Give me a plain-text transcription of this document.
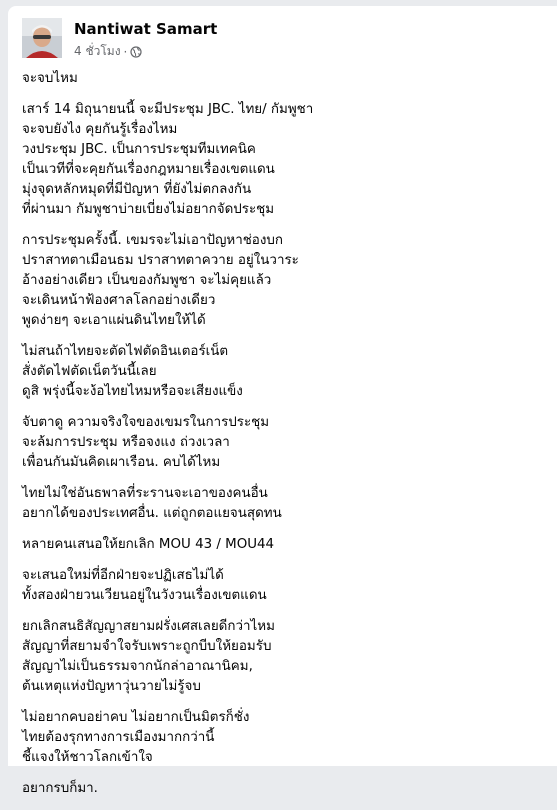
Nantiwat Samart
4 ชั่วโมง ·
จะจบไหม
เสาร์ 14 มิถุนายนนี้ จะมีประชุม JBC. ไทย/ กัมพูชา
จะจบยังไง คุยกันรู้เรื่องไหม
วงประชุม JBC. เป็นการประชุมทีมเทคนิค
เป็นเวทีที่จะคุยกันเรื่องกฎหมายเรื่องเขตแดน
มุ่งจุดหลักหมุดที่มีปัญหา ที่ยังไม่ตกลงกัน
ที่ผ่านมา กัมพูชาบ่ายเบี่ยงไม่อยากจัดประชุม
การประชุมครั้งนี้. เขมรจะไม่เอาปัญหาช่องบก
ปราสาทตาเมือนธม ปราสาทตาควาย อยู่ในวาระ
อ้างอย่างเดียว เป็นของกัมพูชา จะไม่คุยแล้ว
จะเดินหน้าฟ้องศาลโลกอย่างเดียว
พูดง่ายๆ จะเอาแผ่นดินไทยให้ได้
ไม่สนถ้าไทยจะตัดไฟตัดอินเตอร์เน็ต
สั่งตัดไฟตัดเน็ตวันนี้เลย
ดูสิ พรุ่งนี้จะง้อไทยไหมหรือจะเสียงแข็ง
จับตาดู ความจริงใจของเขมรในการประชุม
จะล้มการประชุม หรือจงแง ถ่วงเวลา
เพื่อนกันมันคิดเผาเรือน. คบได้ไหม
ไทยไม่ใช่อันธพาลที่ระรานจะเอาของคนอื่น
อยากได้ของประเทศอื่น. แต่ถูกตอแยจนสุดทน
หลายคนเสนอให้ยกเลิก MOU 43 / MOU44
จะเสนอใหม่ที่อีกฝ่ายจะปฏิเสธไม่ได้
ทั้งสองฝ่ายวนเวียนอยู่ในวังวนเรื่องเขตแดน
ยกเลิกสนธิสัญญาสยามฝรั่งเศสเลยดีกว่าไหม
สัญญาที่สยามจำใจรับเพราะถูกบีบให้ยอมรับ
สัญญาไม่เป็นธรรมจากนักล่าอาณานิคม,
ต้นเหตุแห่งปัญหาวุ่นวายไม่รู้จบ
ไม่อยากคบอย่าคบ ไม่อยากเป็นมิตรก็ชั่ง
ไทยต้องรุกทางการเมืองมากกว่านี้
ชี้แจงให้ชาวโลกเข้าใจ
อยากรบก็มา.
